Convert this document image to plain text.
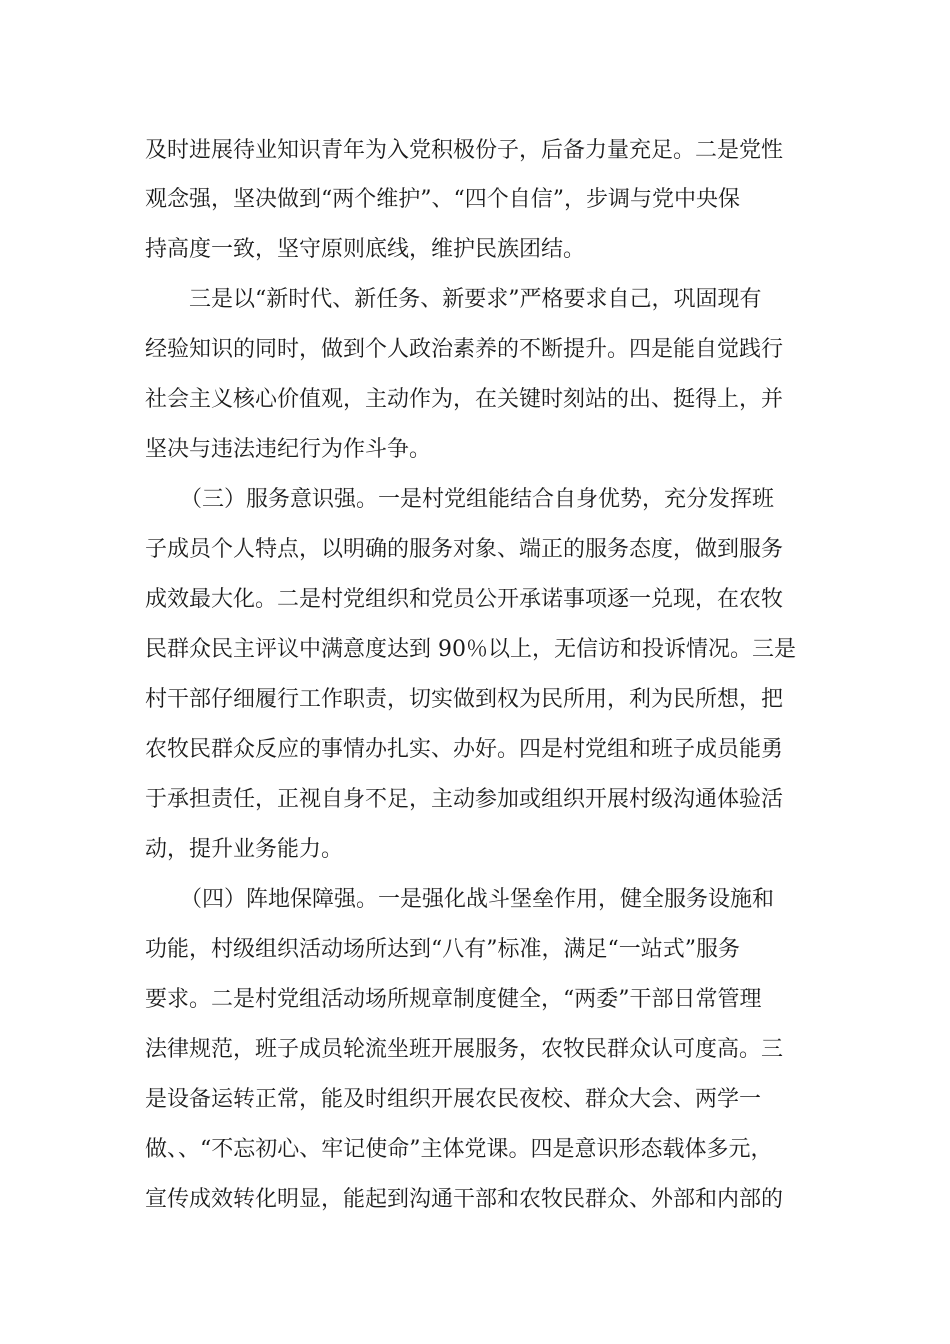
及时进展待业知识青年为入党积极份子，后备力量充足。二是党性
观念强，坚决做到“两个维护”、“四个自信”，步调与党中央保
持高度一致，坚守原则底线，维护民族团结。
三是以“新时代、新任务、新要求”严格要求自己，巩固现有
经验知识的同时，做到个人政治素养的不断提升。四是能自觉践行
社会主义核心价值观，主动作为，在关键时刻站的出、挺得上，并
坚决与违法违纪行为作斗争。
（三）服务意识强。一是村党组能结合自身优势，充分发挥班
子成员个人特点，以明确的服务对象、端正的服务态度，做到服务
成效最大化。二是村党组织和党员公开承诺事项逐一兑现，在农牧
民群众民主评议中满意度达到 90％以上，无信访和投诉情况。三是
村干部仔细履行工作职责，切实做到权为民所用，利为民所想，把
农牧民群众反应的事情办扎实、办好。四是村党组和班子成员能勇
于承担责任，正视自身不足，主动参加或组织开展村级沟通体验活
动，提升业务能力。
（四）阵地保障强。一是强化战斗堡垒作用，健全服务设施和
功能，村级组织活动场所达到“八有”标准，满足“一站式”服务
要求。二是村党组活动场所规章制度健全，“两委”干部日常管理
法律规范，班子成员轮流坐班开展服务，农牧民群众认可度高。三
是设备运转正常，能及时组织开展农民夜校、群众大会、两学一
做、、“不忘初心、牢记使命”主体党课。四是意识形态载体多元，
宣传成效转化明显，能起到沟通干部和农牧民群众、外部和内部的
